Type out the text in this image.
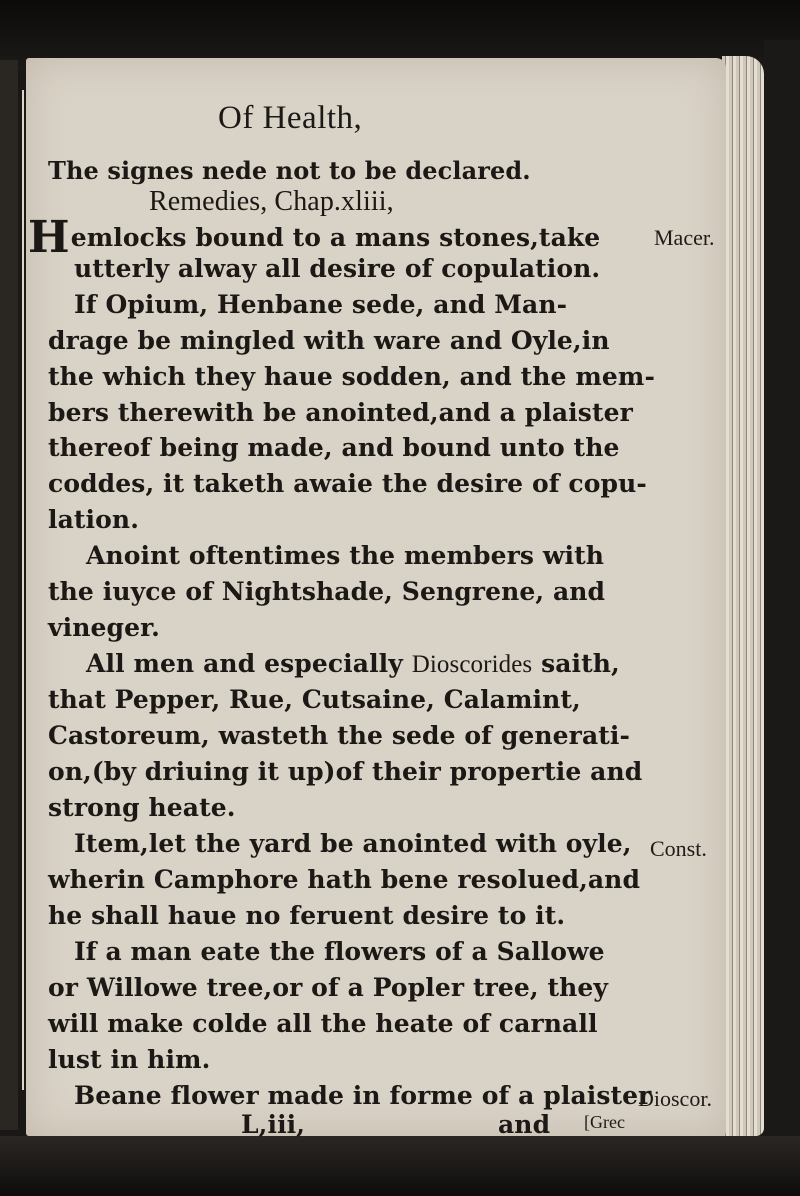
Of Health,
The signes nede not to be declared.
Remedies, Chap.xliii,
Hemlocks bound to a mans stones,take Macer.
utterly alway all desire of copulation.
If Opium, Henbane sede, and Man-
drage be mingled with ware and Oyle,in
the which they haue sodden, and the mem-
bers therewith be anointed,and a plaister
thereof being made, and bound unto the
coddes, it taketh awaie the desire of copu-
lation.
Anoint oftentimes the members with
the iuyce of Nightshade, Sengrene, and
vineger.
All men and especially Dioscorides saith,
that Pepper, Rue, Cutsaine, Calamint,
Castoreum, wasteth the sede of generati-
on,(by driuing it up)of their propertie and
strong heate.
Item,let the yard be anointed with oyle, Const.
wherin Camphore hath bene resolued,and
he shall haue no feruent desire to it.
If a man eate the flowers of a Sallowe
or Willowe tree,or of a Popler tree, they
will make colde all the heate of carnall
lust in him.
Beane flower made in forme of a plaister
Dioscor.
L,iii,	and [Grec
